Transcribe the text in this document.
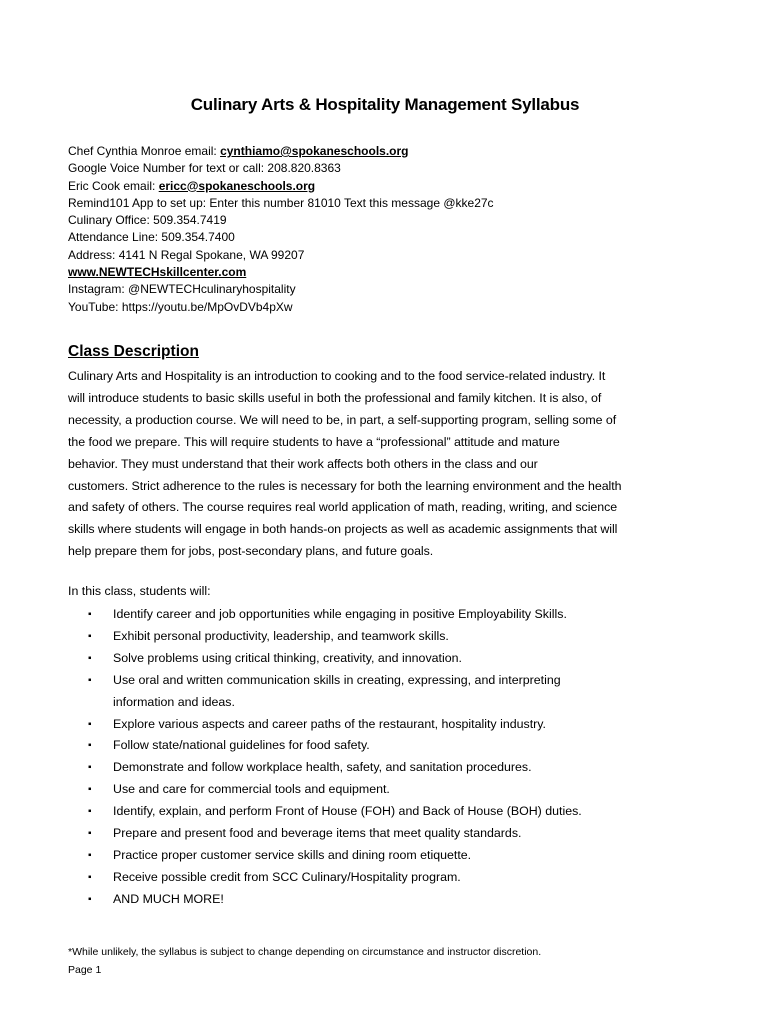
Culinary Arts & Hospitality Management Syllabus
Chef Cynthia Monroe email: cynthiamo@spokaneschools.org
Google Voice Number for text or call: 208.820.8363
Eric Cook email: ericc@spokaneschools.org
Remind101 App to set up: Enter this number 81010 Text this message @kke27c
Culinary Office: 509.354.7419
Attendance Line: 509.354.7400
Address: 4141 N Regal Spokane, WA 99207
www.NEWTECHskillcenter.com
Instagram: @NEWTECHculinaryhospitality
YouTube: https://youtu.be/MpOvDVb4pXw
Class Description
Culinary Arts and Hospitality is an introduction to cooking and to the food service-related industry. It
will introduce students to basic skills useful in both the professional and family kitchen. It is also, of
necessity, a production course. We will need to be, in part, a self-supporting program, selling some of
the food we prepare. This will require students to have a “professional” attitude and mature
behavior. They must understand that their work affects both others in the class and our
customers. Strict adherence to the rules is necessary for both the learning environment and the health
and safety of others. The course requires real world application of math, reading, writing, and science
skills where students will engage in both hands-on projects as well as academic assignments that will
help prepare them for jobs, post-secondary plans, and future goals.
In this class, students will:
▪ Identify career and job opportunities while engaging in positive Employability Skills.
▪ Exhibit personal productivity, leadership, and teamwork skills.
▪ Solve problems using critical thinking, creativity, and innovation.
▪ Use oral and written communication skills in creating, expressing, and interpreting
information and ideas.
▪ Explore various aspects and career paths of the restaurant, hospitality industry.
▪ Follow state/national guidelines for food safety.
▪ Demonstrate and follow workplace health, safety, and sanitation procedures.
▪ Use and care for commercial tools and equipment.
▪ Identify, explain, and perform Front of House (FOH) and Back of House (BOH) duties.
▪ Prepare and present food and beverage items that meet quality standards.
▪ Practice proper customer service skills and dining room etiquette.
▪ Receive possible credit from SCC Culinary/Hospitality program.
▪ AND MUCH MORE!
*While unlikely, the syllabus is subject to change depending on circumstance and instructor discretion.
Page 1
